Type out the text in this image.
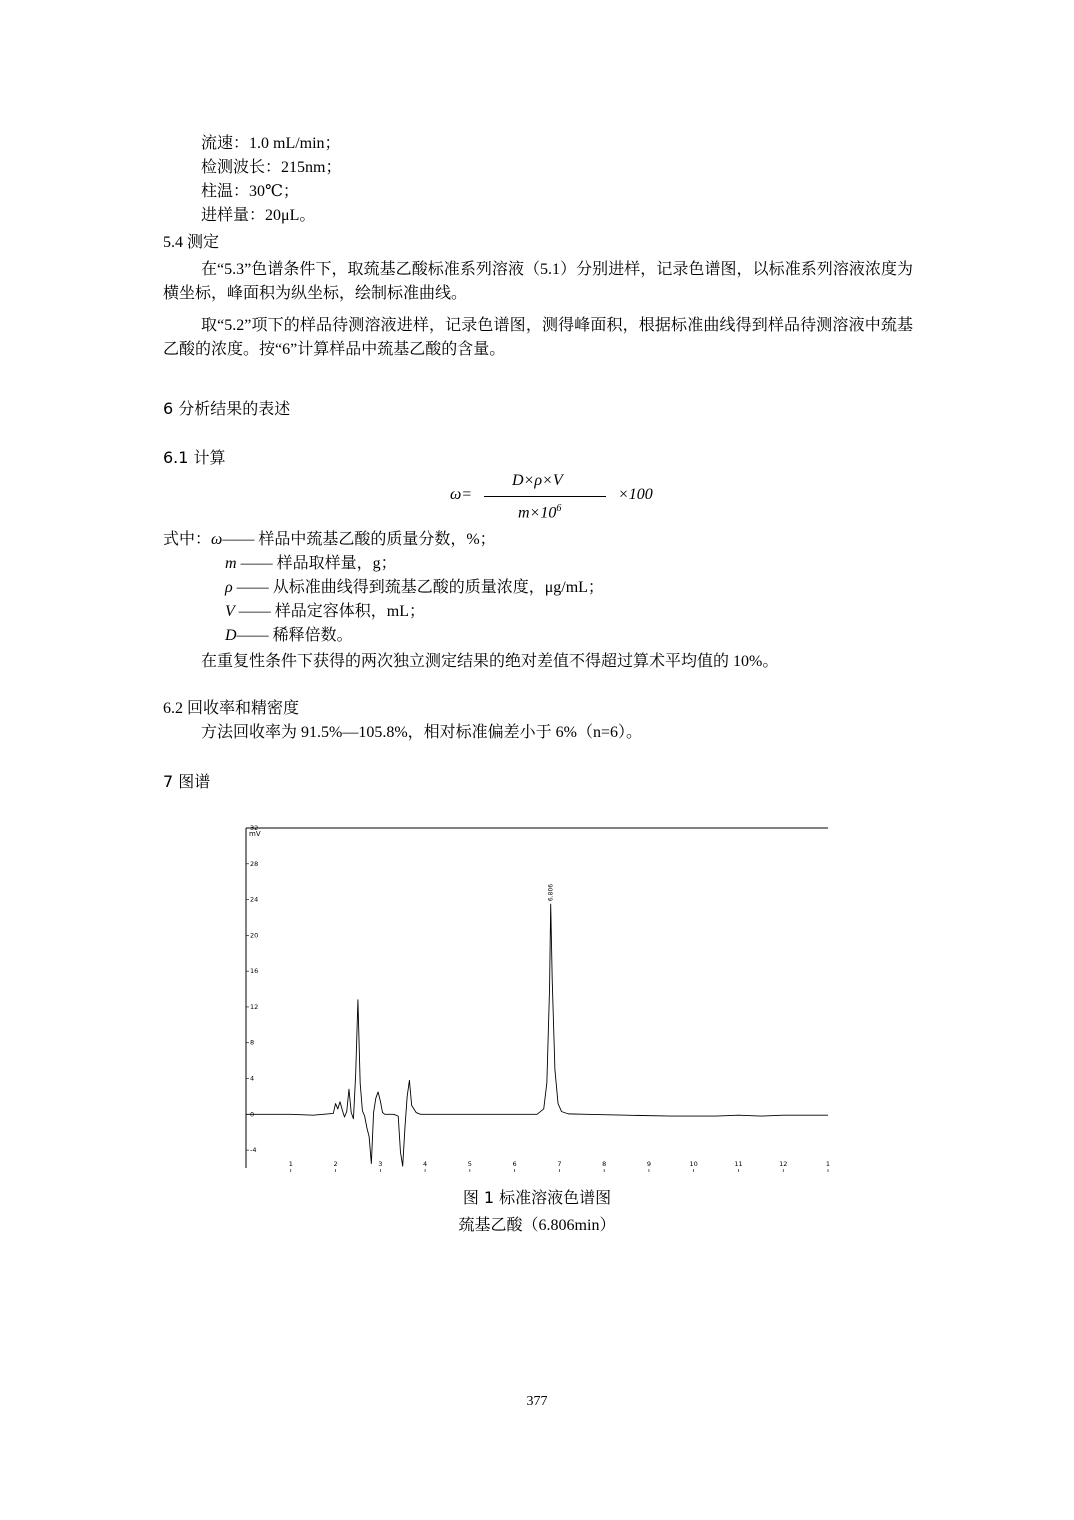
流速：1.0 mL/min；
检测波长：215nm；
柱温：30℃；
进样量：20μL。
5.4 测定

在“5.3”色谱条件下，取巯基乙酸标准系列溶液（5.1）分别进样，记录色谱图，以标准系列溶液浓度为横坐标，峰面积为纵坐标，绘制标准曲线。

取“5.2”项下的样品待测溶液进样，记录色谱图，测得峰面积，根据标准曲线得到样品待测溶液中巯基乙酸的浓度。按“6”计算样品中巯基乙酸的含量。

6 分析结果的表述
6.1 计算
ω=
D×ρ×V
$m\times 10^6$
×100
式中：ω—— 样品中巯基乙酸的质量分数，%；
m —— 样品取样量，g；
ρ —— 从标准曲线得到巯基乙酸的质量浓度，μg/mL；
V —— 样品定容体积，mL；
D—— 稀释倍数。
在重复性条件下获得的两次独立测定结果的绝对差值不得超过算术平均值的 10%。
6.2 回收率和精密度
方法回收率为 91.5%—105.8%，相对标准偏差小于 6%（n=6）。
7 图谱
mV
32
28
24
20
16
12
8
4
0
-4
1	2	3	4	5	6	7	8	9	10	11	12	1
6.806
图 1 标准溶液色谱图
巯基乙酸（6.806min）
377
